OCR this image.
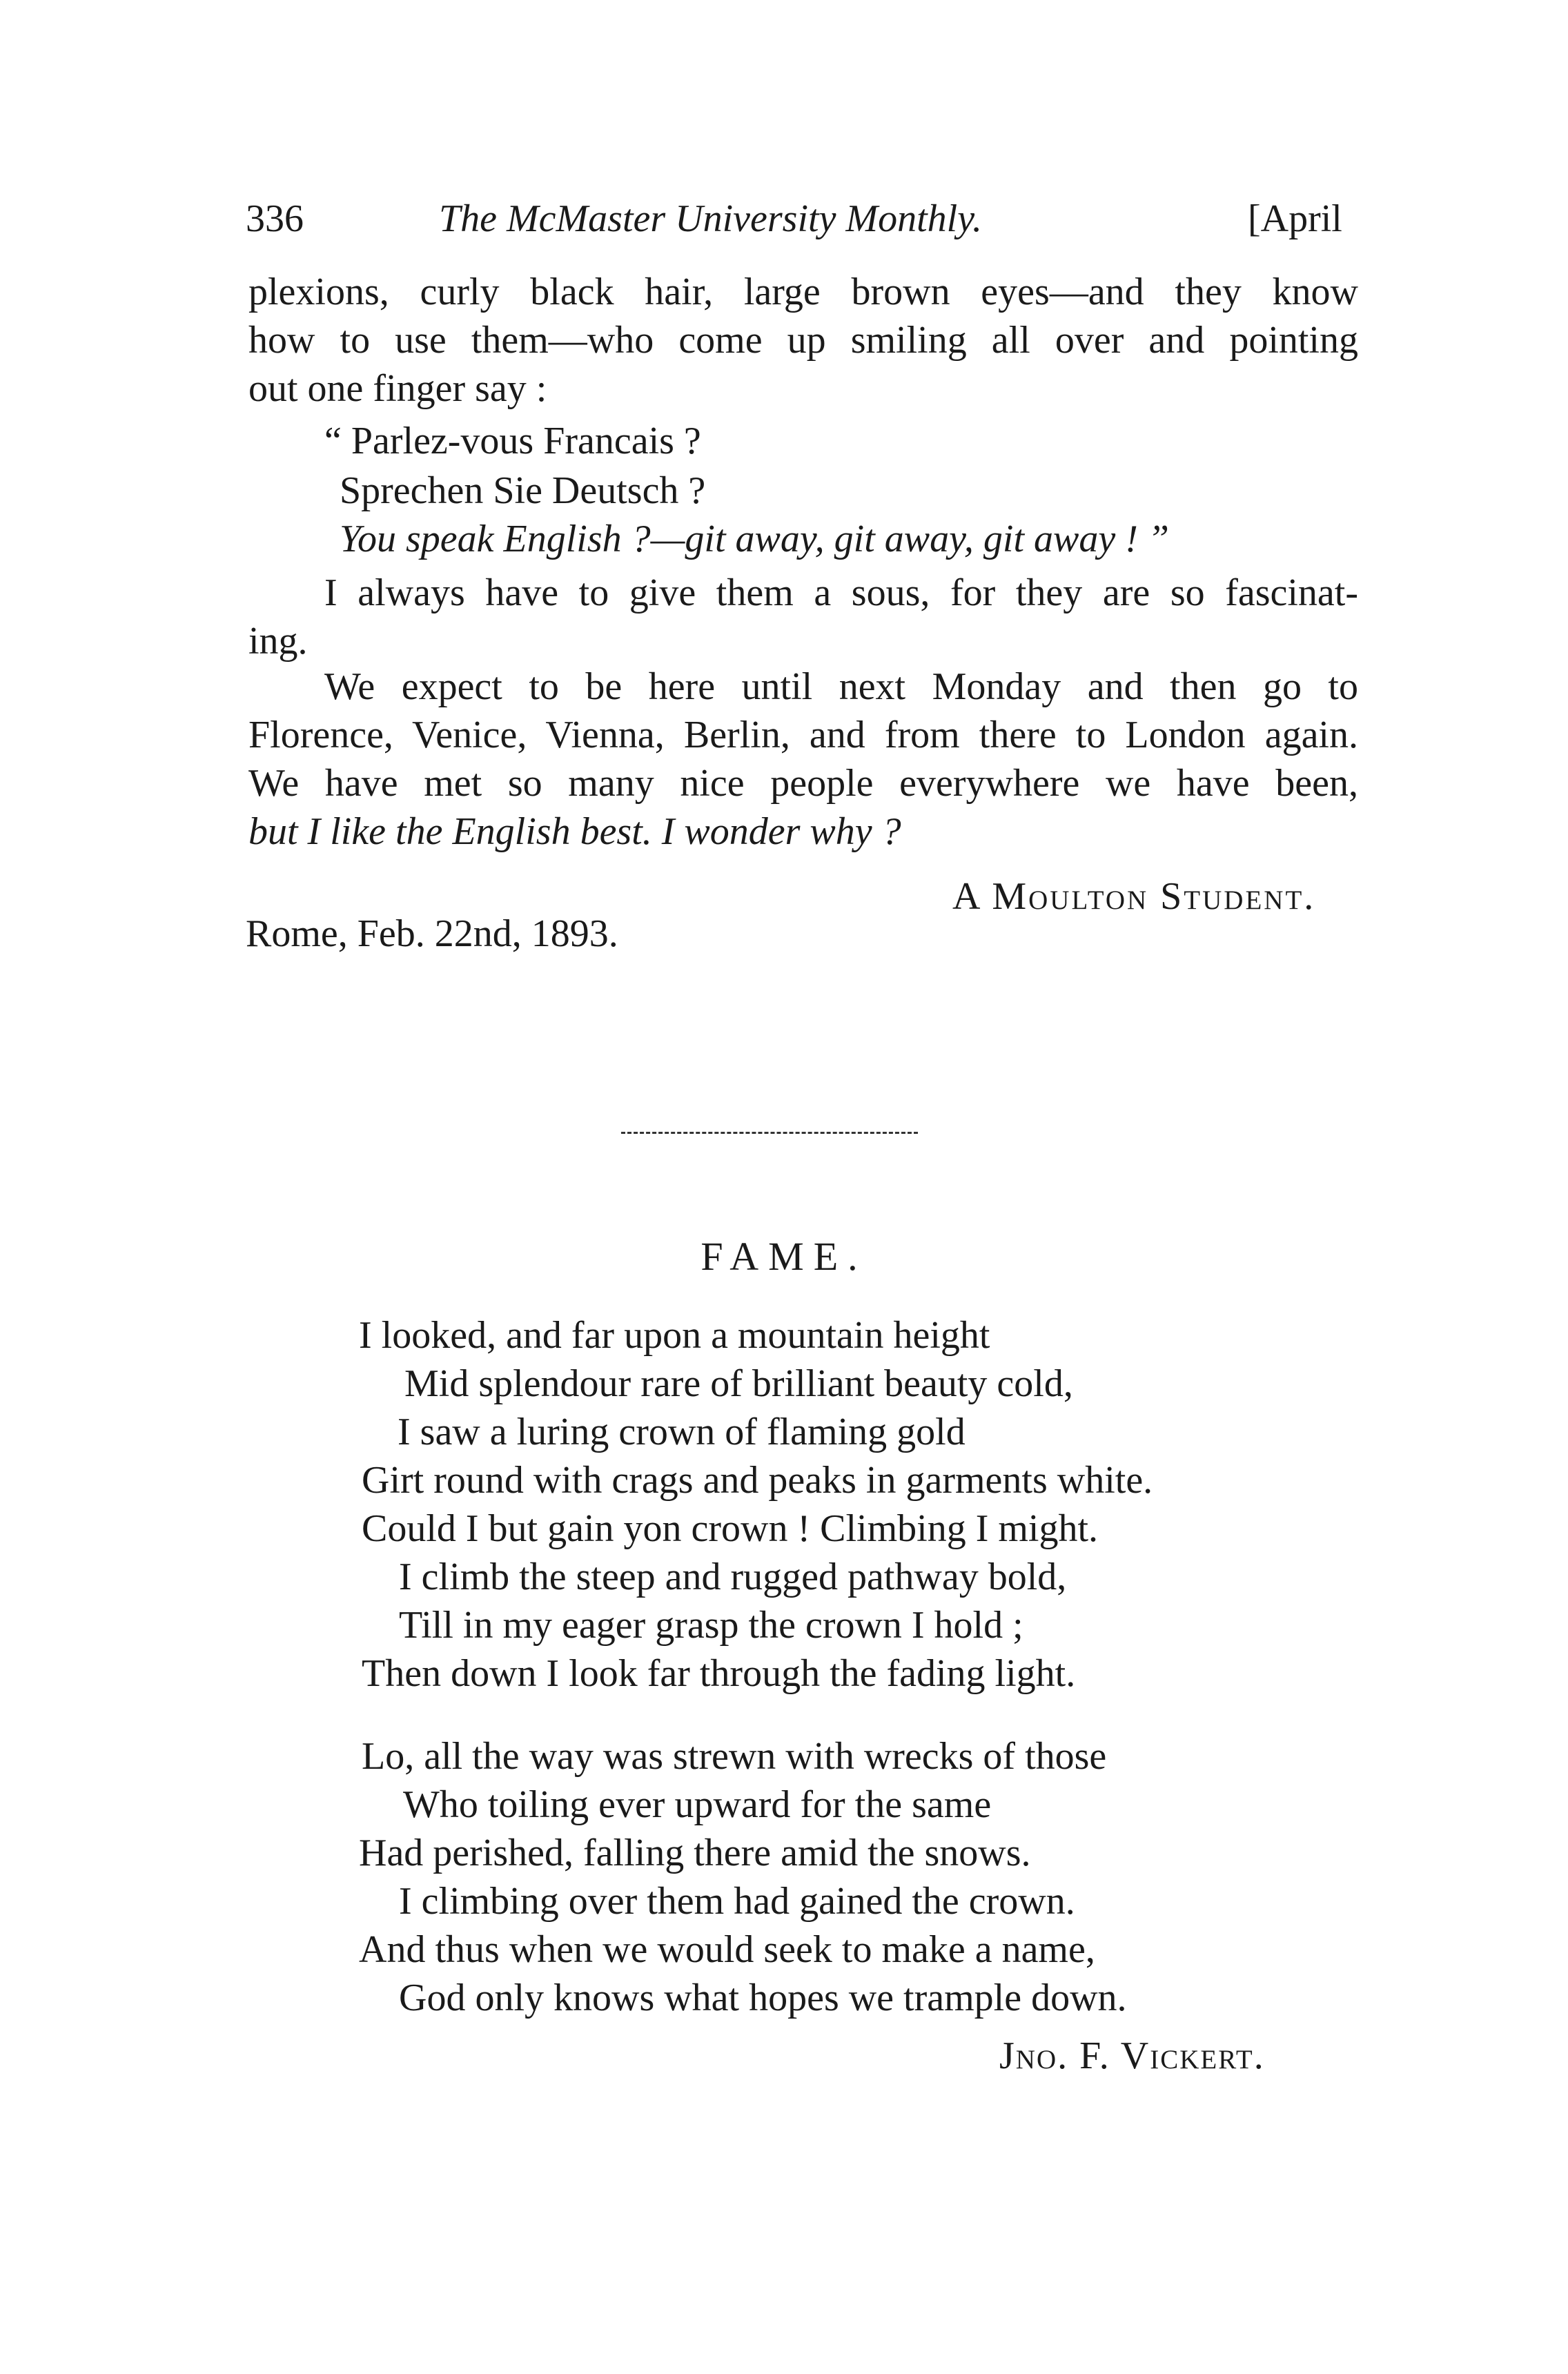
336	The McMaster University Monthly.	[April
plexions, curly black hair, large brown eyes—and they know
how to use them—who come up smiling all over and pointing
out one finger say :
“ Parlez-vous Francais ?
Sprechen Sie Deutsch ?
You speak English ?—git away, git away, git away ! ”
I always have to give them a sous, for they are so fascinat-
ing.
We expect to be here until next Monday and then go to
Florence, Venice, Vienna, Berlin, and from there to London again.
We have met so many nice people everywhere we have been,
but I like the English best. I wonder why ?
A Moulton Student.
Rome, Feb. 22nd, 1893.
FAME.
I looked, and far upon a mountain height
Mid splendour rare of brilliant beauty cold,
I saw a luring crown of flaming gold
Girt round with crags and peaks in garments white.
Could I but gain yon crown ! Climbing I might.
I climb the steep and rugged pathway bold,
Till in my eager grasp the crown I hold ;
Then down I look far through the fading light.
Lo, all the way was strewn with wrecks of those
Who toiling ever upward for the same
Had perished, falling there amid the snows.
I climbing over them had gained the crown.
And thus when we would seek to make a name,
God only knows what hopes we trample down.
Jno. F. Vickert.
